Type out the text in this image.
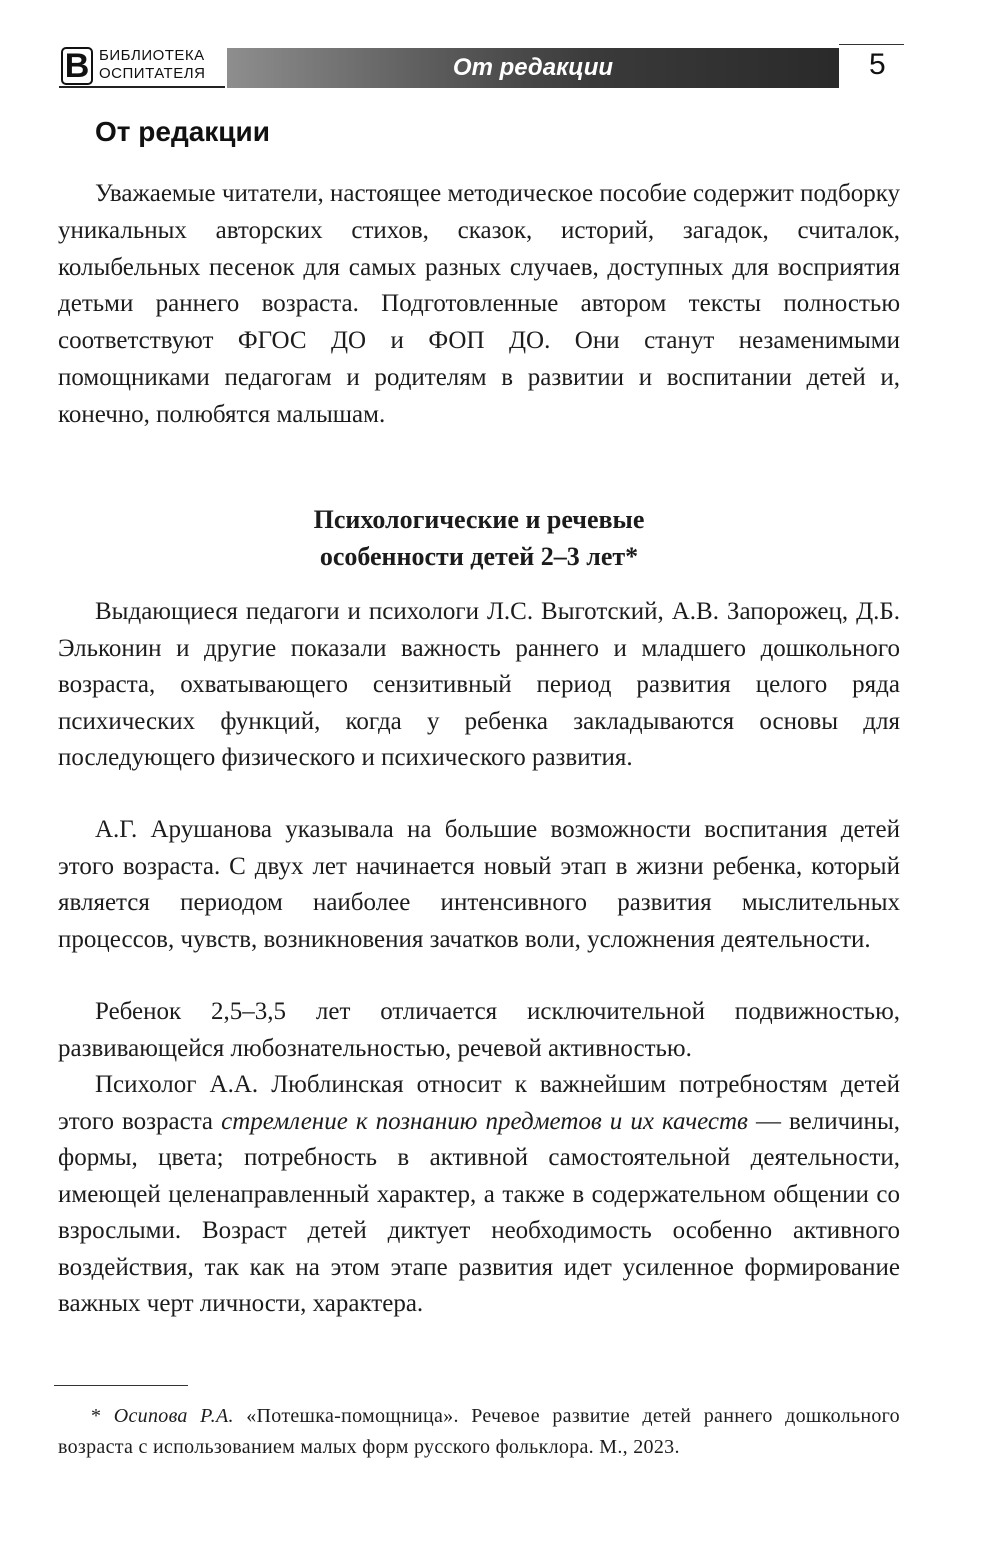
В БИБЛИОТЕКА
ОСПИТАТЕЛЯ	От редакции	5
От редакции

Уважаемые читатели, настоящее методическое пособие содержит подборку уникальных авторских стихов, сказок, историй, загадок, считалок, колыбельных песенок для самых разных случаев, доступных для восприятия детьми раннего возраста. Подготовленные автором тексты полностью соответствуют ФГОС ДО и ФОП ДО. Они станут незаменимыми помощниками педагогам и родителям в развитии и воспитании детей и, конечно, полюбятся малышам.

Психологические и речевые
особенности детей 2–3 лет*

Выдающиеся педагоги и психологи Л.С. Выготский, А.В. Запорожец, Д.Б. Эльконин и другие показали важность раннего и младшего дошкольного возраста, охватывающего сензитивный период развития целого ряда психических функций, когда у ребенка закладываются основы для последующего физического и психического развития.

А.Г. Арушанова указывала на большие возможности воспитания детей этого возраста. С двух лет начинается новый этап в жизни ребенка, который является периодом наиболее интенсивного развития мыслительных процессов, чувств, возникновения зачатков воли, усложнения деятельности.

Ребенок 2,5–3,5 лет отличается исключительной подвижностью, развивающейся любознательностью, речевой активностью.

Психолог А.А. Люблинская относит к важнейшим потребностям детей этого возраста стремление к познанию предметов и их качеств — величины, формы, цвета; потребность в активной самостоятельной деятельности, имеющей целенаправленный характер, а также в содержательном общении со взрослыми. Возраст детей диктует необходимость особенно активного воздействия, так как на этом этапе развития идет усиленное формирование важных черт личности, характера.

* Осипова Р.А. «Потешка-помощница». Речевое развитие детей раннего дошкольного возраста с использованием малых форм русского фольклора. М., 2023.
